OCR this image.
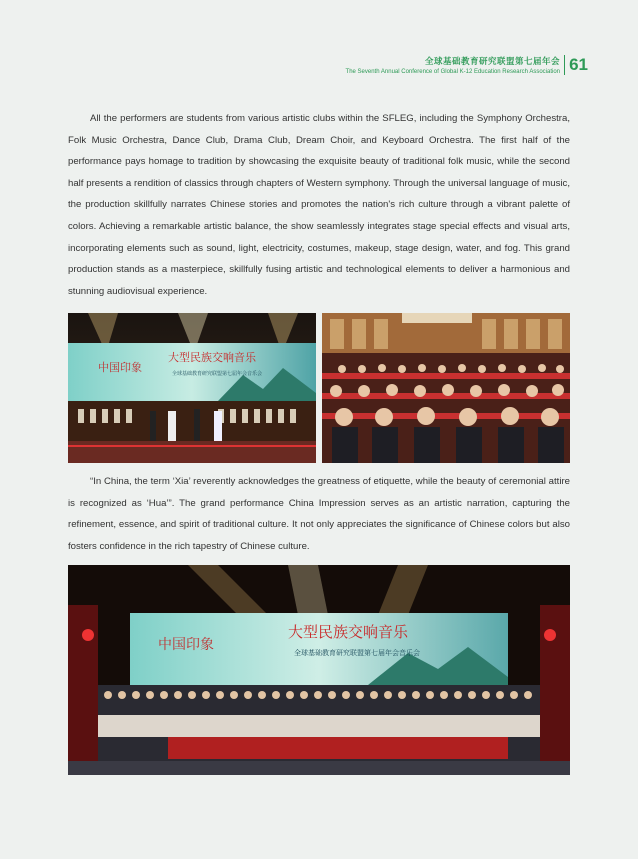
全球基础教育研究联盟第七届年会
The Seventh Annual Conference of Global K-12 Education Research Association 61

All the performers are students from various artistic clubs within the SFLEG, including the Symphony Orchestra, Folk Music Orchestra, Dance Club, Drama Club, Dream Choir, and Keyboard Orchestra. The first half of the performance pays homage to tradition by showcasing the exquisite beauty of traditional folk music, while the second half presents a rendition of classics through chapters of Western symphony. Through the universal language of music, the production skillfully narrates Chinese stories and promotes the nation's rich culture through a vibrant palette of colors. Achieving a remarkable artistic balance, the show seamlessly integrates stage special effects and visual arts, incorporating elements such as sound, light, electricity, costumes, makeup, stage design, water, and fog. This grand production stands as a masterpiece, skillfully fusing artistic and technological elements to deliver a harmonious and stunning audiovisual experience.

中国印象
大型民族交响音乐
全球基础教育研究联盟第七届年会音乐会

“In China, the term ‘Xia’ reverently acknowledges the greatness of etiquette, while the beauty of ceremonial attire is recognized as ‘Hua’”. The grand performance China Impression serves as an artistic narration, capturing the refinement, essence, and spirit of traditional culture. It not only appreciates the significance of Chinese colors but also fosters confidence in the rich tapestry of Chinese culture.

中国印象
大型民族交响音乐
全球基础教育研究联盟第七届年会音乐会
